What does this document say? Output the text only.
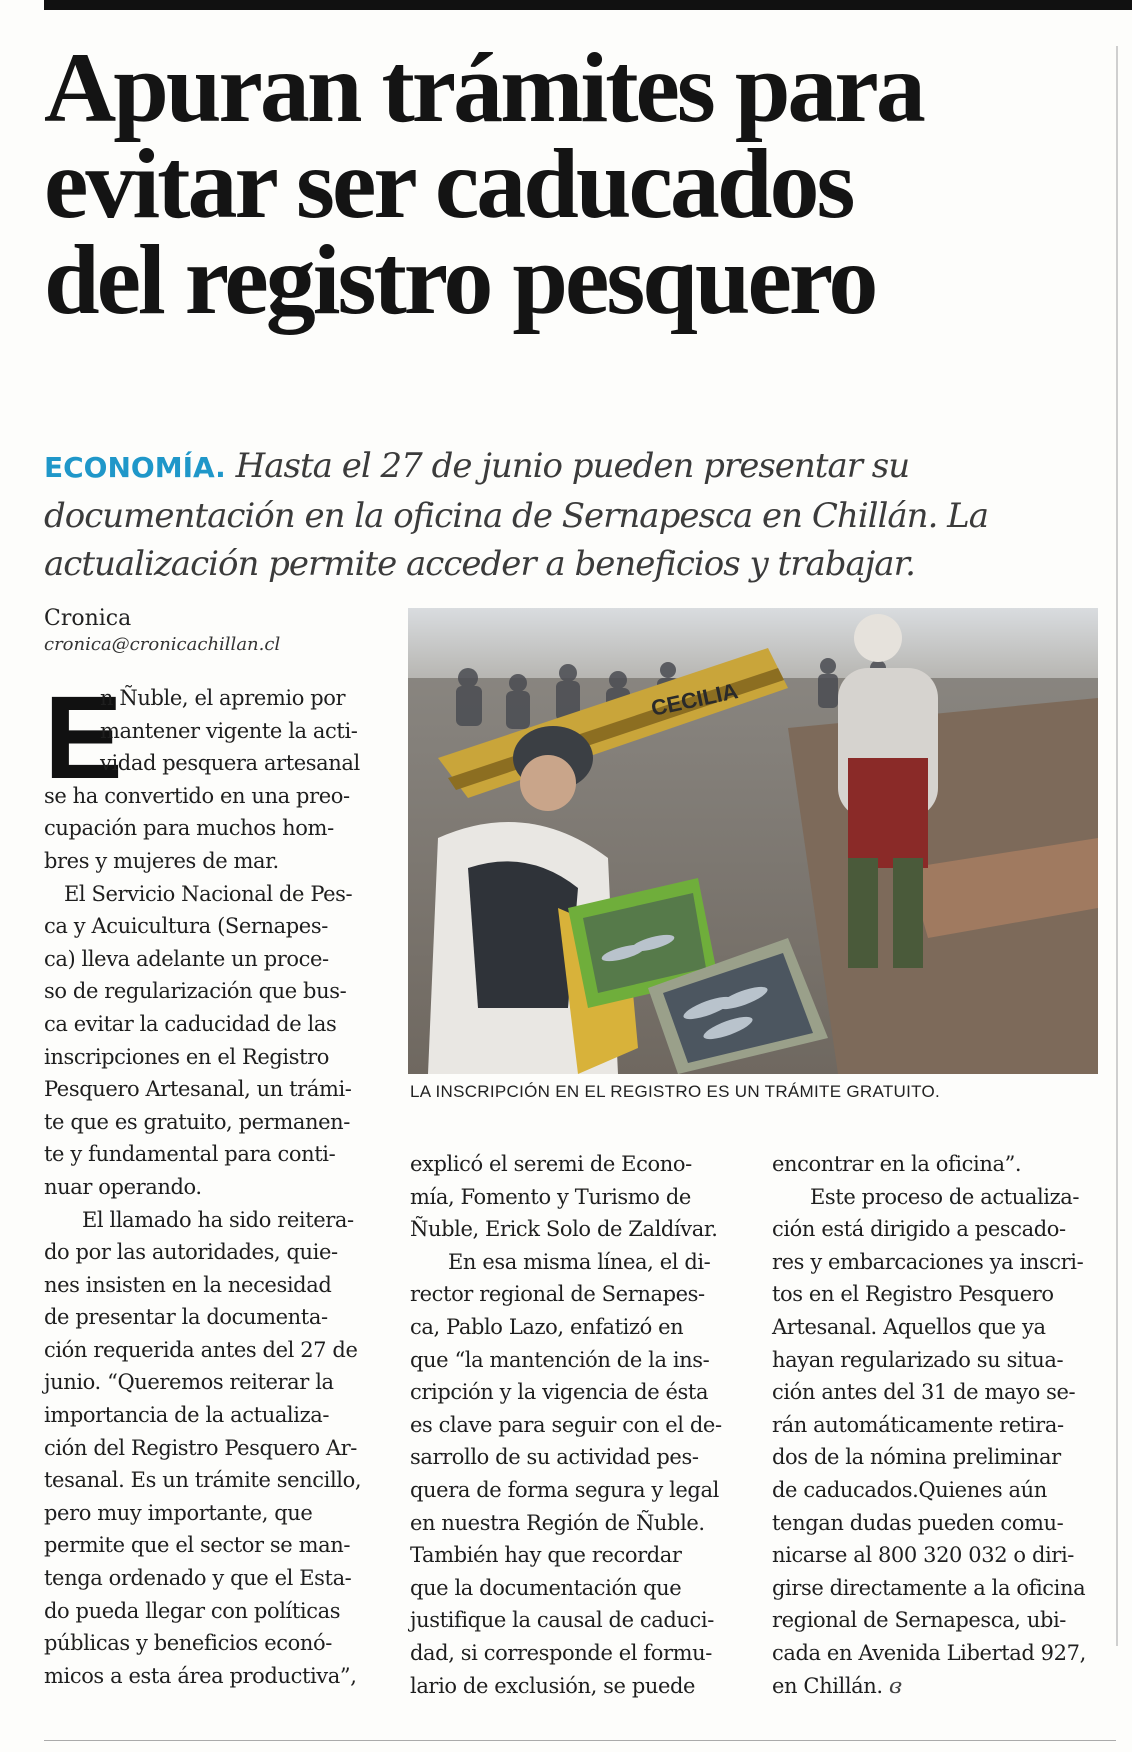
Apuran trámites para
evitar ser caducados
del registro pesquero
ECONOMÍA. Hasta el 27 de junio pueden presentar su
documentación en la oficina de Sernapesca en Chillán. La
actualización permite acceder a beneficios y trabajar.
Cronica
cronica@cronicachillan.cl
E
n Ñuble, el apremio por
mantener vigente la acti-
vidad pesquera artesanal
se ha convertido en una preo-
cupación para muchos hom-
bres y mujeres de mar.
El Servicio Nacional de Pes-
ca y Acuicultura (Sernapes-
ca) lleva adelante un proce-
so de regularización que bus-
ca evitar la caducidad de las
inscripciones en el Registro
Pesquero Artesanal, un trámi-
te que es gratuito, permanen-
te y fundamental para conti-
nuar operando.
El llamado ha sido reitera-
do por las autoridades, quie-
nes insisten en la necesidad
de presentar la documenta-
ción requerida antes del 27 de
junio. “Queremos reiterar la
importancia de la actualiza-
ción del Registro Pesquero Ar-
tesanal. Es un trámite sencillo,
pero muy importante, que
permite que el sector se man-
tenga ordenado y que el Esta-
do pueda llegar con políticas
públicas y beneficios econó-
micos a esta área productiva”,
CECILIA
LA INSCRIPCIÓN EN EL REGISTRO ES UN TRÁMITE GRATUITO.
explicó el seremi de Econo-
mía, Fomento y Turismo de
Ñuble, Erick Solo de Zaldívar.
En esa misma línea, el di-
rector regional de Sernapes-
ca, Pablo Lazo, enfatizó en
que “la mantención de la ins-
cripción y la vigencia de ésta
es clave para seguir con el de-
sarrollo de su actividad pes-
quera de forma segura y legal
en nuestra Región de Ñuble.
También hay que recordar
que la documentación que
justifique la causal de caduci-
dad, si corresponde el formu-
lario de exclusión, se puede
encontrar en la oficina”.
Este proceso de actualiza-
ción está dirigido a pescado-
res y embarcaciones ya inscri-
tos en el Registro Pesquero
Artesanal. Aquellos que ya
hayan regularizado su situa-
ción antes del 31 de mayo se-
rán automáticamente retira-
dos de la nómina preliminar
de caducados.Quienes aún
tengan dudas pueden comu-
nicarse al 800 320 032 o diri-
girse directamente a la oficina
regional de Sernapesca, ubi-
cada en Avenida Libertad 927,
en Chillán. ɞ
